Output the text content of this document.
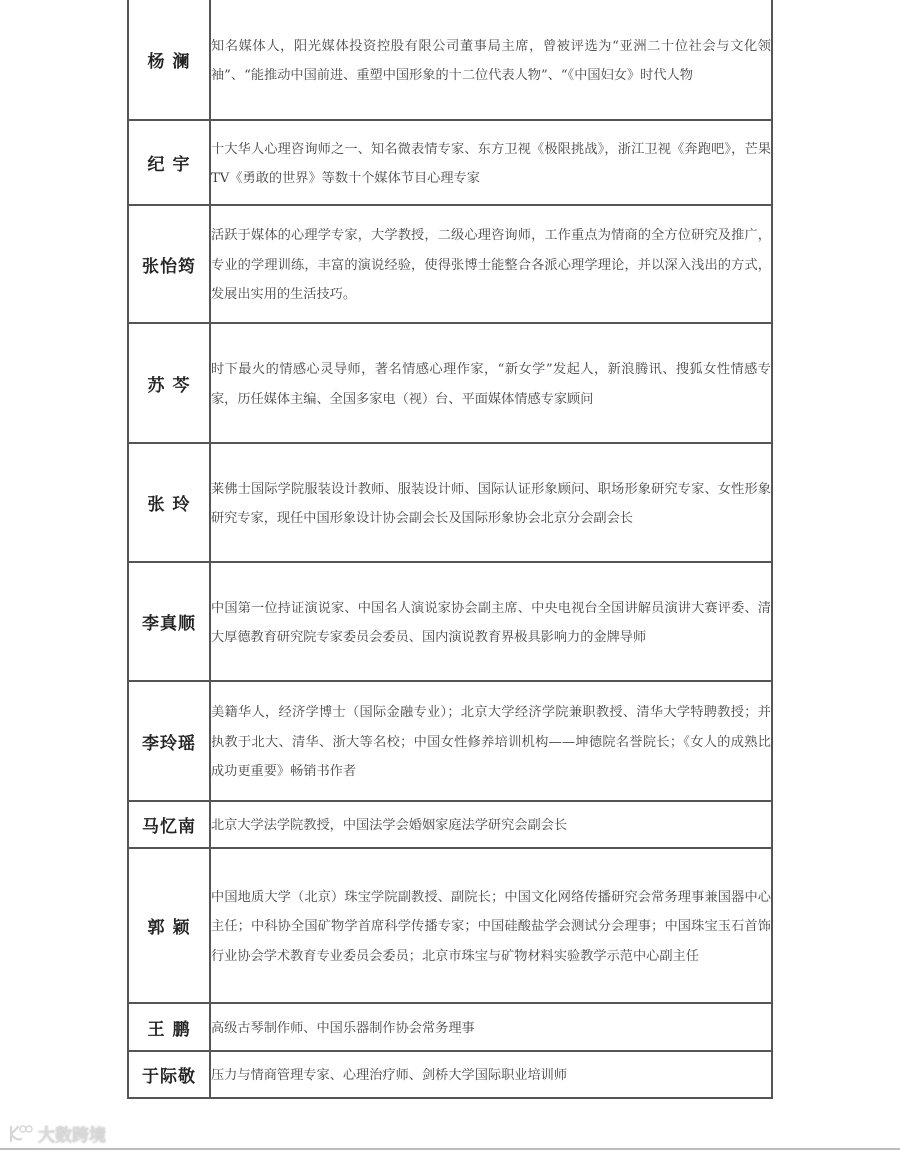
杨 澜	知名媒体人，阳光媒体投资控股有限公司董事局主席，曾被评选为“亚洲二十位社会与文化领袖”、“能推动中国前进、重塑中国形象的十二位代表人物”、“《中国妇女》时代人物

纪 宇	十大华人心理咨询师之一、知名微表情专家、东方卫视《极限挑战》，浙江卫视《奔跑吧》，芒果 TV《勇敢的世界》等数十个媒体节目心理专家

张怡筠	活跃于媒体的心理学专家，大学教授，二级心理咨询师，工作重点为情商的全方位研究及推广，专业的学理训练，丰富的演说经验，使得张博士能整合各派心理学理论，并以深入浅出的方式，发展出实用的生活技巧。

苏 芩	时下最火的情感心灵导师，著名情感心理作家，“新女学”发起人，新浪腾讯、搜狐女性情感专家，历任媒体主编、全国多家电（视）台、平面媒体情感专家顾问

张 玲	莱佛士国际学院服装设计教师、服装设计师、国际认证形象顾问、职场形象研究专家、女性形象研究专家，现任中国形象设计协会副会长及国际形象协会北京分会副会长

李真顺	中国第一位持证演说家、中国名人演说家协会副主席、中央电视台全国讲解员演讲大赛评委、清大厚德教育研究院专家委员会委员、国内演说教育界极具影响力的金牌导师

李玲瑶	美籍华人，经济学博士（国际金融专业）；北京大学经济学院兼职教授、清华大学特聘教授；并执教于北大、清华、浙大等名校；中国女性修养培训机构——坤德院名誉院长；《女人的成熟比成功更重要》畅销书作者

马忆南	北京大学法学院教授，中国法学会婚姻家庭法学研究会副会长

郭 颖	中国地质大学（北京）珠宝学院副教授、副院长；中国文化网络传播研究会常务理事兼国器中心主任；中科协全国矿物学首席科学传播专家；中国硅酸盐学会测试分会理事；中国珠宝玉石首饰行业协会学术教育专业委员会委员；北京市珠宝与矿物材料实验教学示范中心副主任

王 鹏	高级古琴制作师、中国乐器制作协会常务理事

于际敬	压力与情商管理专家、心理治疗师、剑桥大学国际职业培训师
大数跨境
